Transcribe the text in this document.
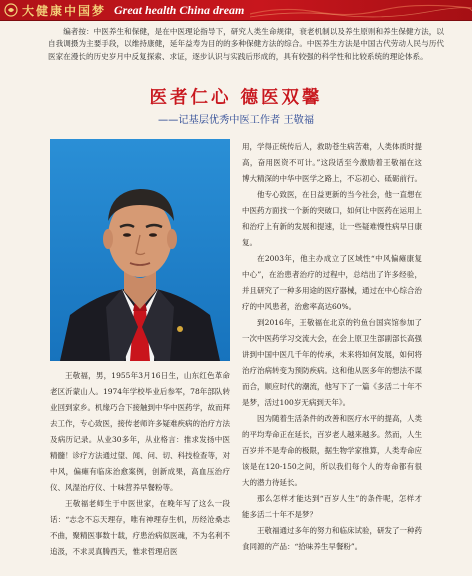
大健康中国梦 Great health China dream
编者按：中医养生和保健，是在中医理论指导下，研究人类生命规律，衰老机制以及养生原则和养生保健方法，以自我调摄为主要手段，以维持康健，延年益寿为目的的多种保健方法的综合。中医养生方法是中国古代劳动人民与历代医家在漫长的历史岁月中反复探索、求证，逐步认识与实践后形成的，具有较强的科学性和比较系统的理论体系。
医者仁心 德医双馨
——记基层优秀中医工作者 王敬福

王敬福，男，1955年3月16日生，山东红色革命老区沂蒙山人。1974年学校毕业后参军，78年部队转业回到家乡。机缘巧合下接触到中华中医药学，故而拜去工作，专心致医，接传老师许多疑难疾病的治疗方法及病历记录。从业30多年，从业格言：推求发扬中医精髓！诊疗方法通过望、闻、问、切、科技检查等，对中风，偏瘫有临床治愈案例，创新成果，高血压治疗仪、风湿治疗仪、十味营养早餐粉等。

王敬福老师生于中医世家，在晚年写了这么一段话：“志念不忘天理存，唯有神理存生机，历经沧桑志不曲，聚精医事数十载，疗患治病似医魂，不为名利不追汲，不求灵真腾西天，惟求哲理启医

用，学得正统传后人，救助苍生病苦难，人类体质时提高，奋用医资不可计。”这段话至今激励着王敬福在这博大精深的中华中医学之路上，不忘初心、砥砺前行。

他专心致医，在日益更新的当今社会，他一直想在中医药方面找一个新的突破口，如何让中医药在运用上和治疗上有新的发展和提速，让一些疑难慢性病早日康复。

在2003年，他主办成立了区域性“中风偏瘫康复中心”，在治患者治疗的过程中，总结出了许多经验，并且研究了一种多用途的医疗器械，通过在中心综合治疗的中风患者，治愈率高达60%。

到2016年，王敬福在北京的钓鱼台国宾馆参加了一次中医药学习交流大会，在会上原卫生部副部长高强讲到中国中医几千年的传承，未来将如何发展，如何将治疗治病转变为预防疾病。这和他从医多年的想法不谋而合，顺应时代的潮流，他写下了一篇《多活二十年不是梦，活过100岁无病到天年》。

因为随着生活条件的改善和医疗水平的提高，人类的平均寿命正在延长，百岁老人越来越多。然而，人生百岁并不是寿命的极限，据生物学家推算，人类寿命应该是在120-150之间，所以我们每个人的寿命都有很大的潜力待延长。

那么怎样才能达到“百岁人生”的条件呢，怎样才能多活二十年不是梦？

王敬福通过多年的努力和临床试验，研发了一种药食同源的产品：“拾味养生早餐粉”。
